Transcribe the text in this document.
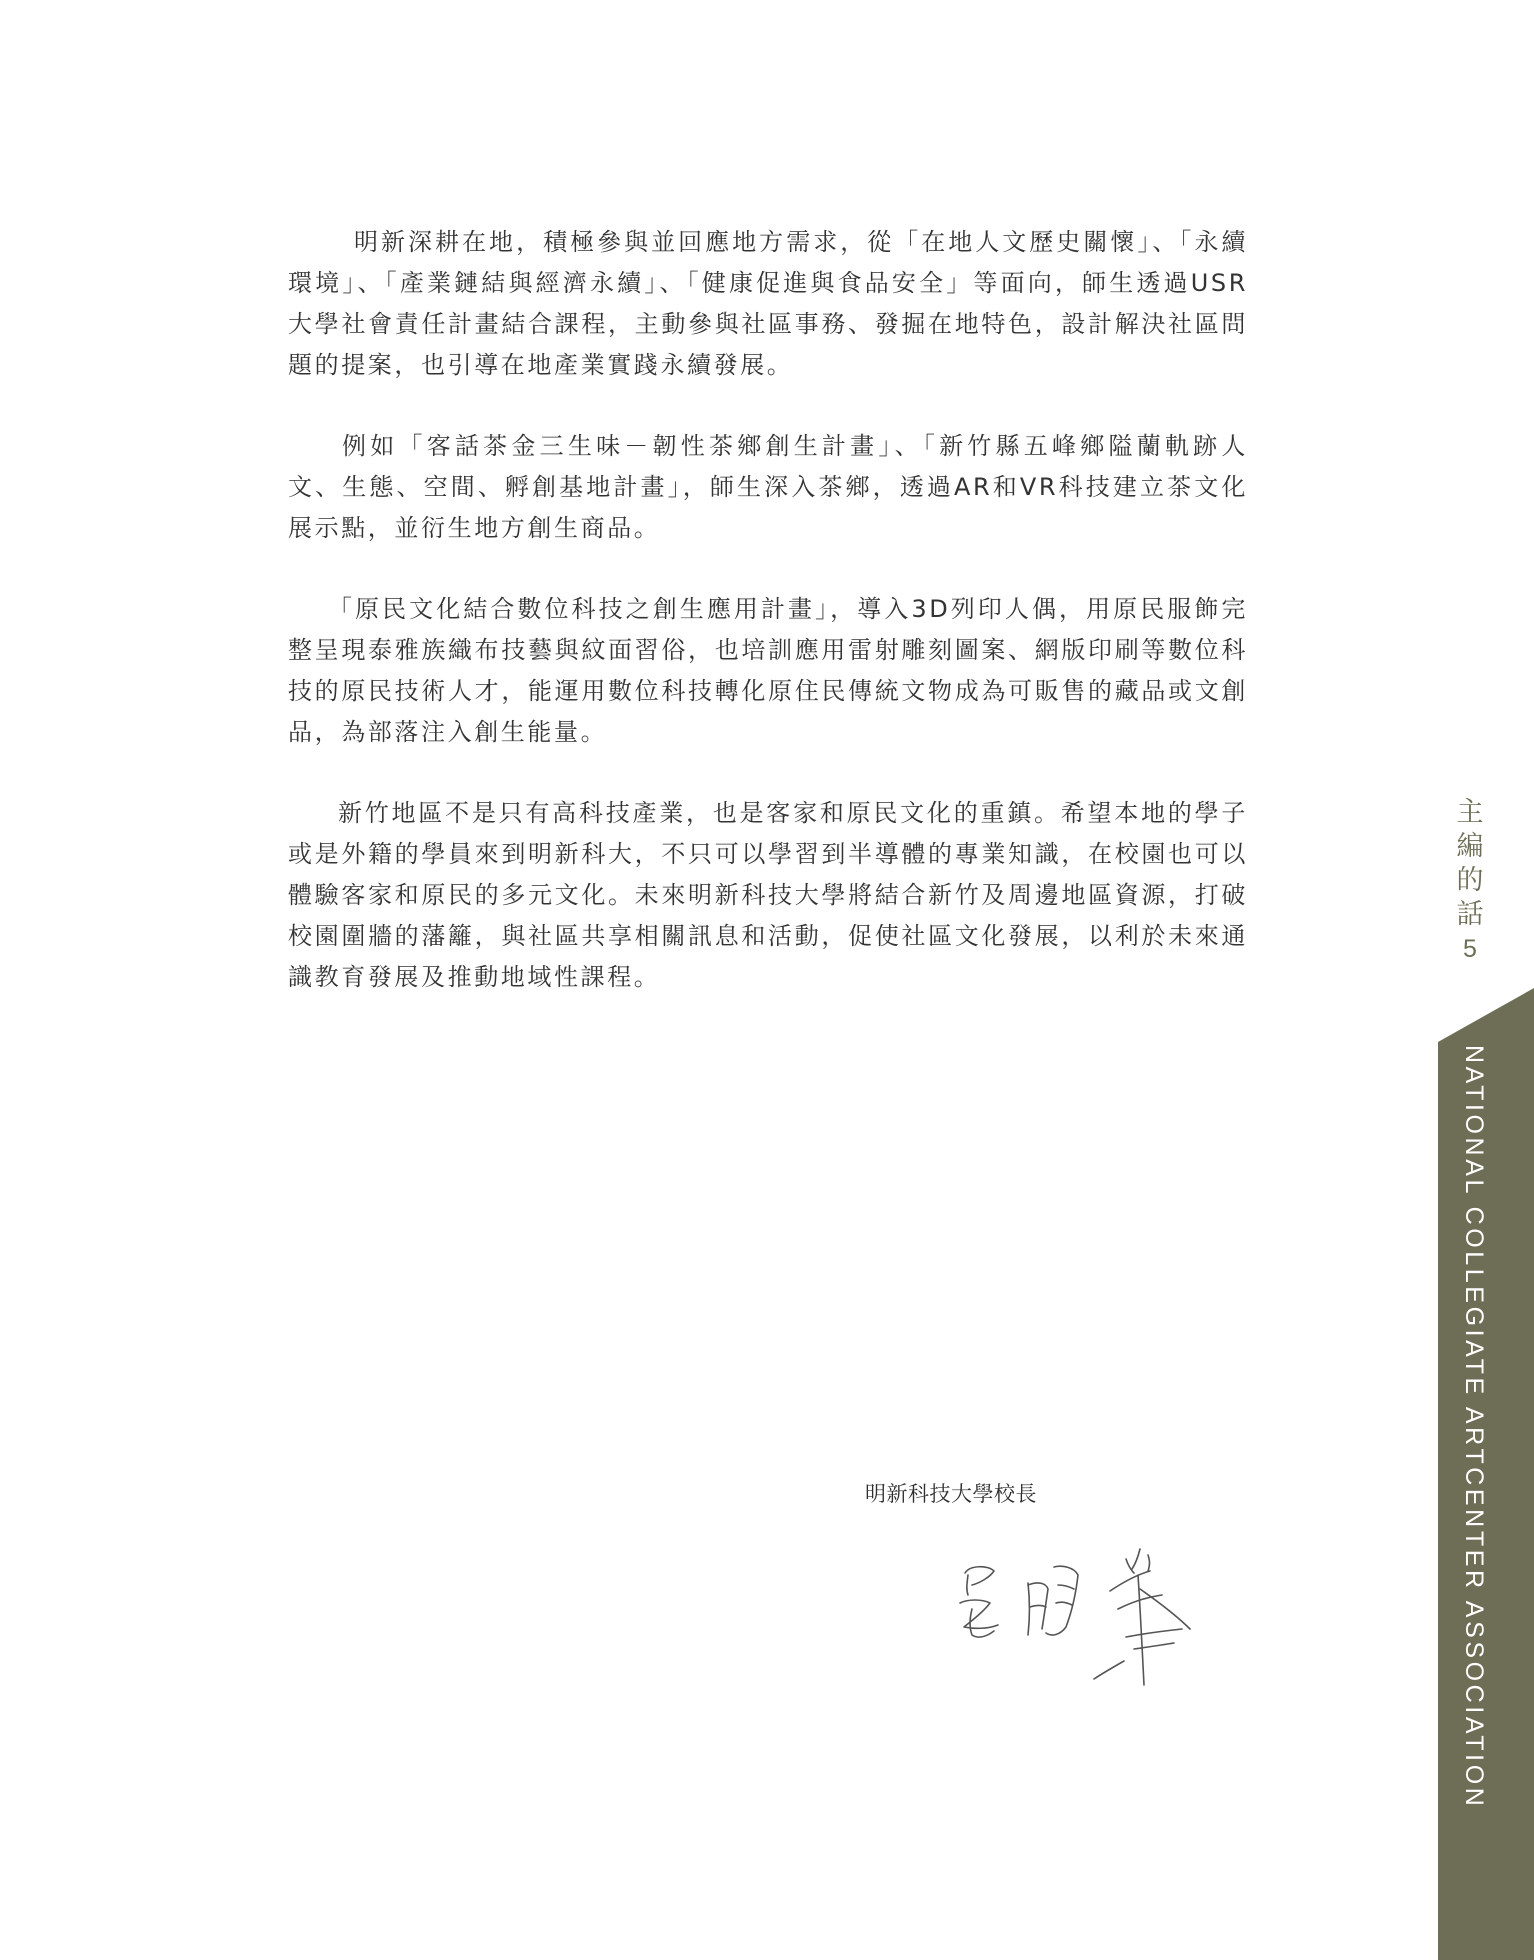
明新深耕在地，積極參與並回應地方需求，從「在地人文歷史關懷」、「永續環境」、「產業鏈結與經濟永續」、「健康促進與食品安全」等面向，師生透過USR大學社會責任計畫結合課程，主動參與社區事務、發掘在地特色，設計解決社區問題的提案，也引導在地產業實踐永續發展。

例如「客話茶金三生味－韌性茶鄉創生計畫」、「新竹縣五峰鄉隘蘭軌跡人文、生態、空間、孵創基地計畫」，師生深入茶鄉，透過AR和VR科技建立茶文化展示點，並衍生地方創生商品。

「原民文化結合數位科技之創生應用計畫」，導入3D列印人偶，用原民服飾完整呈現泰雅族織布技藝與紋面習俗，也培訓應用雷射雕刻圖案、網版印刷等數位科技的原民技術人才，能運用數位科技轉化原住民傳統文物成為可販售的藏品或文創品，為部落注入創生能量。

新竹地區不是只有高科技產業，也是客家和原民文化的重鎮。希望本地的學子或是外籍的學員來到明新科大，不只可以學習到半導體的專業知識，在校園也可以體驗客家和原民的多元文化。未來明新科技大學將結合新竹及周邊地區資源，打破校園圍牆的藩籬，與社區共享相關訊息和活動，促使社區文化發展，以利於未來通識教育發展及推動地域性課程。

明新科技大學校長
主
編
的
話
5
NATIONAL COLLEGIATE ARTCENTER ASSOCIATION
